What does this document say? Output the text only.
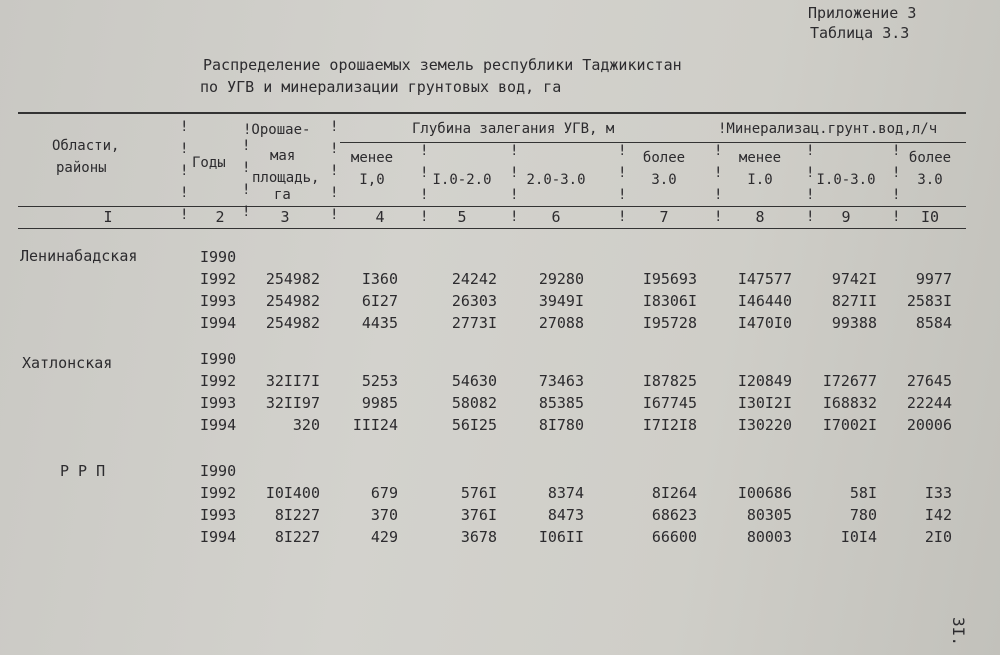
Приложение 3
Таблица 3.3
Распределение орошаемых земель республики Таджикистан
по УГВ и минерализации грунтовых вод, га
Области,
районы	Годы
!Орошае-
мая
площадь,
га
Глубина залегания УГВ, м	!Минерализац.грунт.вод,л/ч
менее
I,0	I.0-2.0 2.0-3.0
более
3.0
менее
I.0	I.0-3.0
более
3.0
I	2	3	4	5	6	7	8	9	I0
!

!

!

!

!
!

!

!

!

!

!

!

!

!
!

!

!

!
!

!

!

!
!

!

!

!
!

!

!

!
!

!

!

!
!

!

!

!
Ленинабадская	I990
I992 254982	I360	24242	29280	I95693	I47577	9742I	9977
I993 254982	6I27	26303	3949I	I8306I	I46440	827II 2583I
I994 254982	4435	2773I	27088	I95728	I470I0	99388	8584
Хатлонская	I990
I992 32II7I	5253	54630	73463	I87825	I20849 I72677 27645
I993 32II97	9985	58082	85385	I67745	I30I2I I68832 22244
I994	320 III24	56I25	8I780	I7I2I8	I30220 I7002I 20006
Р Р П	I990
I992 I0I400	679	576I	8374	8I264	I00686	58I	I33
I993	8I227	370	376I	8473	68623	80305	780	I42
I994	8I227	429	3678	I06II	66600	80003	I0I4	2I0
3I.
